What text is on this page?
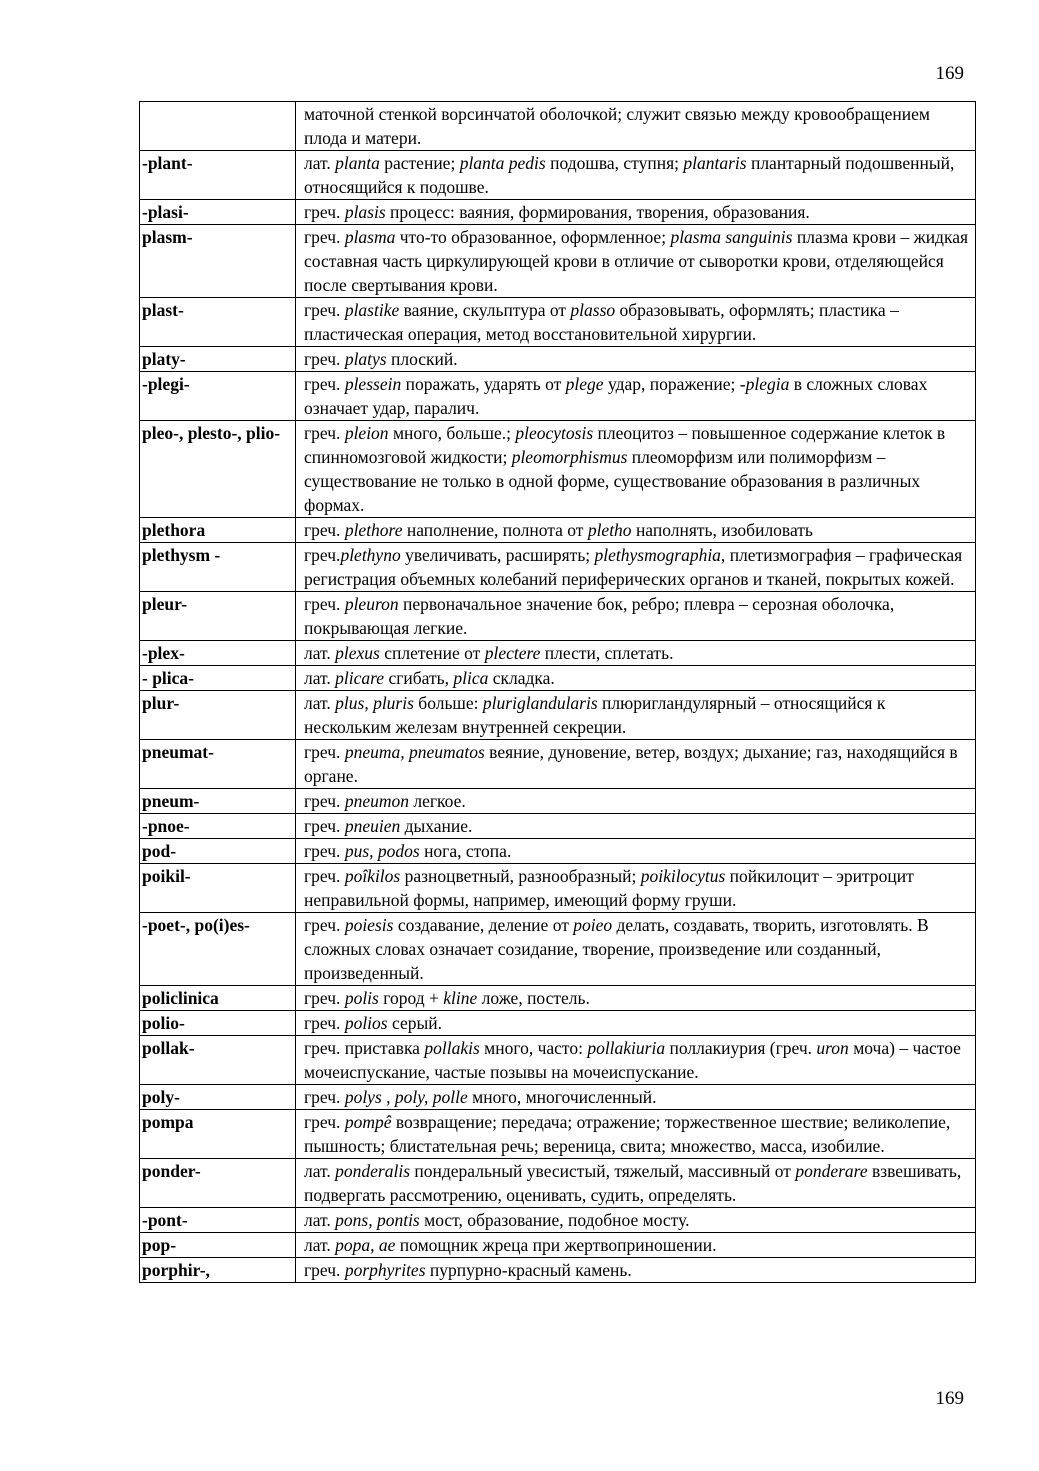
169
	маточной стенкой ворсинчатой оболочкой; служит связью между кровообращением плода и матери.
-plant-	лат. planta растение; planta pedis подошва, ступня; plantaris плантарный подошвенный, относящийся к подошве.
-plasi-	греч. plasis процесс: ваяния, формирования, творения, образования.
plasm-	греч. plasma что-то образованное, оформленное; plasma sanguinis плазма крови – жидкая составная часть циркулирующей крови в отличие от сыворотки крови, отделяющейся после свертывания крови.
plast-	греч. plastike ваяние, скульптура от plasso образовывать, оформлять; пластика – пластическая операция, метод восстановительной хирургии.
platy-	греч. platys плоский.
-plegi-	греч. plessein поражать, ударять от plege удар, поражение; -plegia в сложных словах означает удар, паралич.
pleo-, plesto-, plio-	греч. pleion много, больше.; pleocytosis плеоцитоз – повышенное содержание клеток в спинномозговой жидкости; pleomorphismus плеоморфизм или полиморфизм – существование не только в одной форме, существование образования в различных формах.
plethora	греч. plethore наполнение, полнота от pletho наполнять, изобиловать
plethysm -	греч.plethyno увеличивать, расширять; plethysmographia, плетизмография – графическая регистрация объемных колебаний периферических органов и тканей, покрытых кожей.
pleur-	греч. pleuron первоначальное значение бок, ребро; плевра – серозная оболочка, покрывающая легкие.
-plex-	лат. plexus сплетение от plectere плести, сплетать.
- plica-	лат. plicare сгибать, plica складка.
plur-	лат. plus, pluris больше: pluriglandularis плюригландулярный – относящийся к нескольким железам внутренней секреции.
pneumat-	греч. pneuma, pneumatos веяние, дуновение, ветер, воздух; дыхание; газ, находящийся в органе.
pneum-	греч. pneumon легкое.
-pnoe-	греч. pneuien дыхание.
pod-	греч. pus, podos нога, стопа.
poikil-	греч. poîkilos разноцветный, разнообразный; poikilocytus пойкилоцит – эритроцит неправильной формы, например, имеющий форму груши.
-poet-, po(i)es-	греч. poiesis создавание, деление от poieo делать, создавать, творить, изготовлять. В сложных словах означает созидание, творение, произведение или созданный, произведенный.
policlinica	греч. polis город + kline ложе, постель.
polio-	греч. polios серый.
pollak-	греч. приставка pollakis много, часто: pollakiuria поллакиурия (греч. uron моча) – частое мочеиспускание, частые позывы на мочеиспускание.
poly-	греч. polys , poly, polle много, многочисленный.
pompa	греч. pompê возвращение; передача; отражение; торжественное шествие; великолепие, пышность; блистательная речь; вереница, свита; множество, масса, изобилие.
ponder-	лат. ponderalis пондеральный увесистый, тяжелый, массивный от ponderare взвешивать, подвергать рассмотрению, оценивать, судить, определять.
-pont-	лат. pons, pontis мост, образование, подобное мосту.
pop-	лат. popa, ae помощник жреца при жертвоприношении.
porphir-,	греч. porphyrites пурпурно-красный камень.
169
